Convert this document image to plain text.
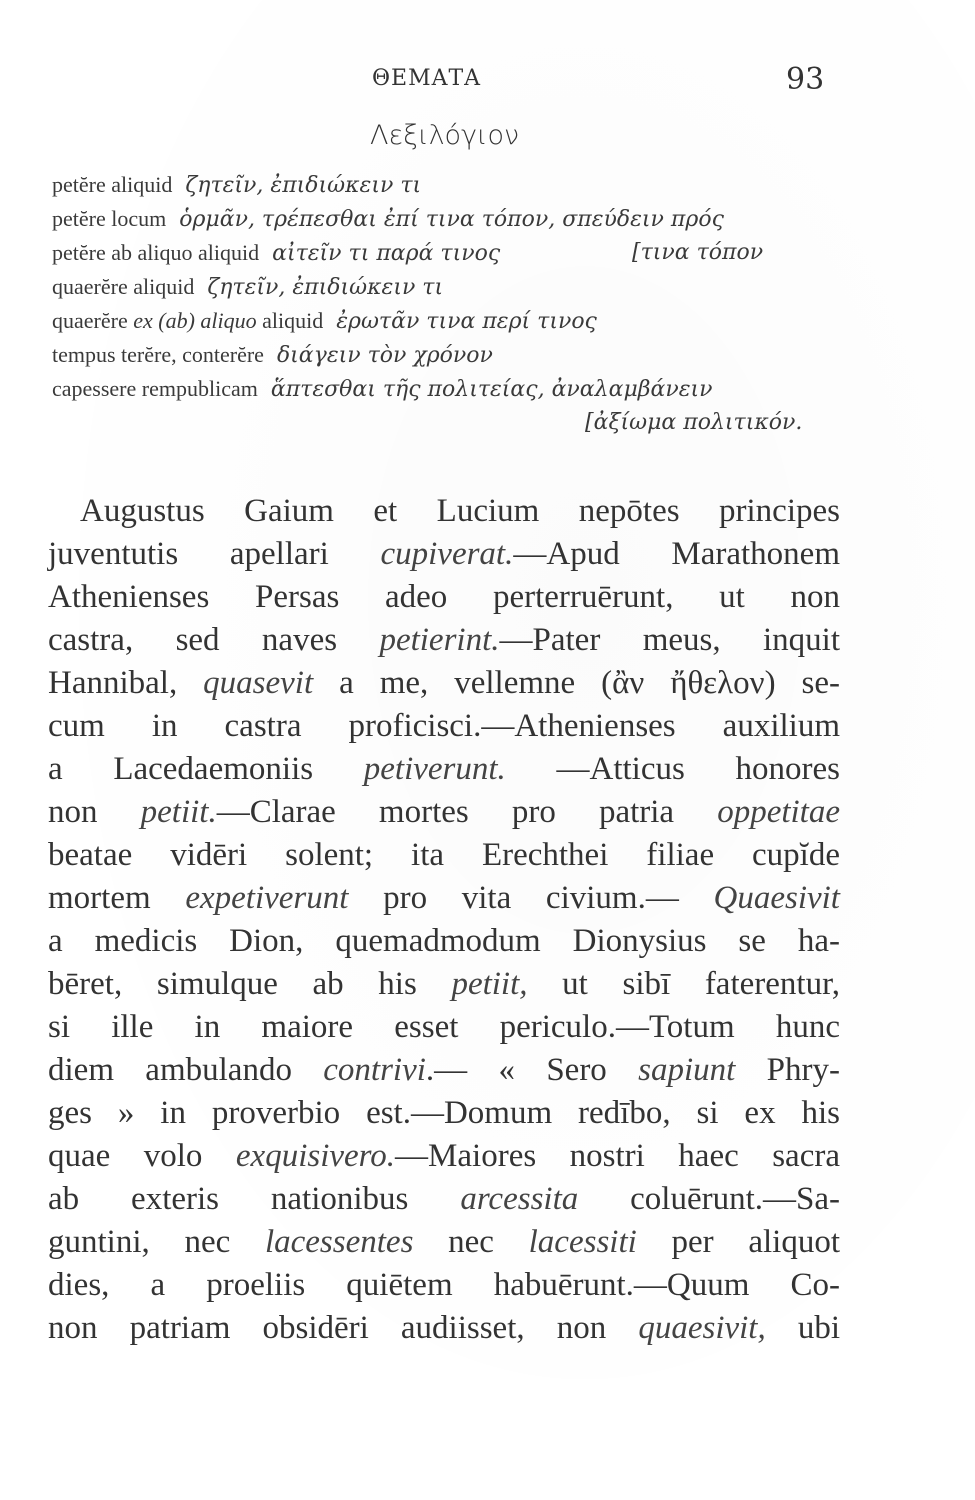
ΘΕΜΑΤΑ	93
Λεξιλόγιον
petĕre aliquid ζητεῖν, ἐπιδιώκειν τι
petĕre locum ὁρμᾶν, τρέπεσθαι ἐπί τινα τόπον, σπεύδειν πρός
petĕre ab aliquo aliquid αἰτεῖν τι παρά τινος	[τινα τόπον
quaerĕre aliquid ζητεῖν, ἐπιδιώκειν τι
quaerĕre ex (ab) aliquo aliquid ἐρωτᾶν τινα περί τινος
tempus terĕre, conterĕre διάγειν τὸν χρόνον
capessere rempublicam ἅπτεσθαι τῆς πολιτείας, ἀναλαμβάνειν
[ἀξίωμα πολιτικόν.
Augustus Gaium et Lucium nepōtes principes
juventutis apellari cupiverat.—Apud Marathonem
Athenienses Persas adeo perterruērunt, ut non
castra, sed naves petierint.—Pater meus, inquit
Hannibal, quasevit a me, vellemne (ἂν ἤθελον) se-
cum in castra proficisci.—Athenienses auxilium
a Lacedaemoniis petiverunt. —Atticus honores
non petiit.—Clarae mortes pro patria oppetitae
beatae vidēri solent; ita Erechthei filiae cupĭde
mortem expetiverunt pro vita civium.— Quaesivit
a medicis Dion, quemadmodum Dionysius se ha-
bēret, simulque ab his petiit, ut sibī faterentur,
si ille in maiore esset periculo.—Totum hunc
diem ambulando contrivi.— « Sero sapiunt Phry-
ges » in proverbio est.—Domum redībo, si ex his
quae volo exquisivero.—Maiores nostri haec sacra
ab exteris nationibus arcessita coluērunt.—Sa-
guntini, nec lacessentes nec lacessiti per aliquot
dies, a proeliis quiētem habuērunt.—Quum Co-
non patriam obsidēri audiisset, non quaesivit, ubi
